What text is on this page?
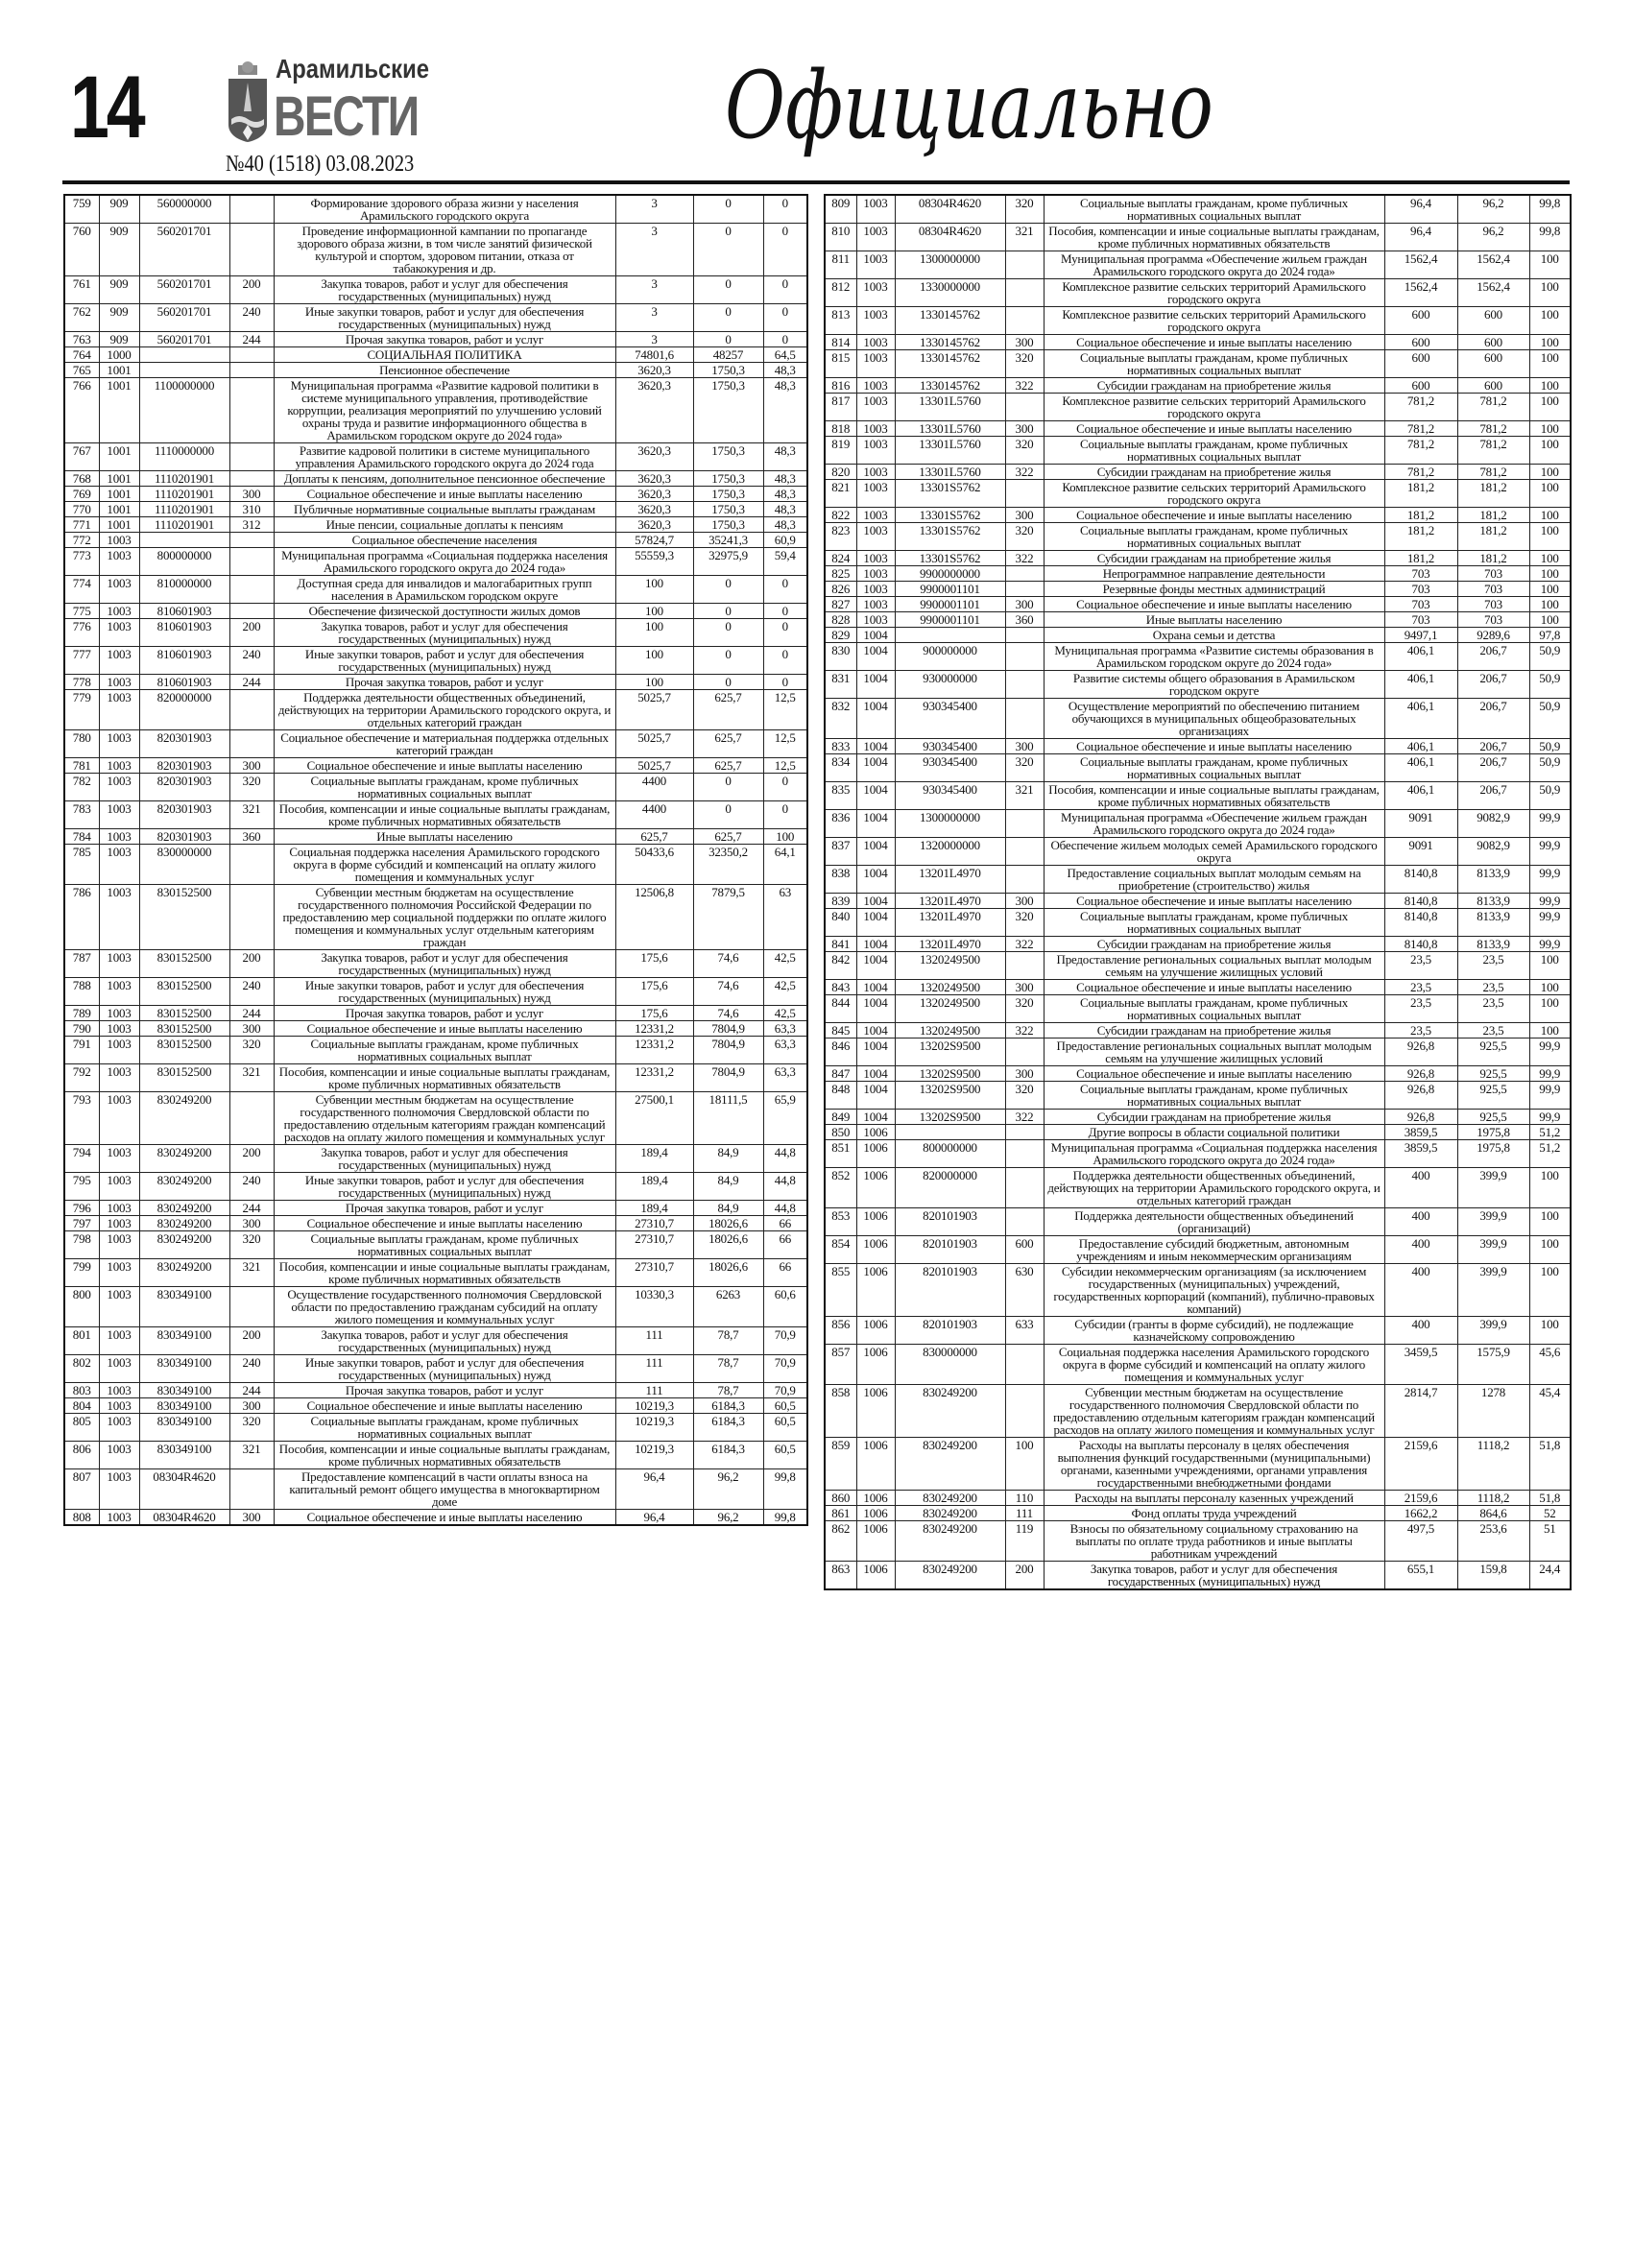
14	Арамильские
ВЕСТИ
№40 (1518) 03.08.2023
Официально
759	909	560000000		Формирование здорового образа жизни у населения Арамильского городского округа	3	0	0
760	909	560201701		Проведение информационной кампании по пропаганде здорового образа жизни, в том числе занятий физической культурой и спортом, здоровом питании, отказа от табакокурения и др.	3	0	0
761	909	560201701	200	Закупка товаров, работ и услуг для обеспечения государственных (муниципальных) нужд	3	0	0
762	909	560201701	240	Иные закупки товаров, работ и услуг для обеспечения государственных (муниципальных) нужд	3	0	0
763	909	560201701	244	Прочая закупка товаров, работ и услуг	3	0	0
764	1000			СОЦИАЛЬНАЯ ПОЛИТИКА	74801,6	48257	64,5
765	1001			Пенсионное обеспечение	3620,3	1750,3	48,3
766	1001	1100000000		Муниципальная программа «Развитие кадровой политики в системе муниципального управления, противодействие коррупции, реализация мероприятий по улучшению условий охраны труда и развитие информационного общества в Арамильском городском округе до 2024 года»	3620,3	1750,3	48,3
767	1001	1110000000		Развитие кадровой политики в системе муниципального управления Арамильского городского округа до 2024 года	3620,3	1750,3	48,3
768	1001	1110201901		Доплаты к пенсиям, дополнительное пенсионное обеспечение	3620,3	1750,3	48,3
769	1001	1110201901	300	Социальное обеспечение и иные выплаты населению	3620,3	1750,3	48,3
770	1001	1110201901	310	Публичные нормативные социальные выплаты гражданам	3620,3	1750,3	48,3
771	1001	1110201901	312	Иные пенсии, социальные доплаты к пенсиям	3620,3	1750,3	48,3
772	1003			Социальное обеспечение населения	57824,7	35241,3	60,9
773	1003	800000000		Муниципальная программа «Социальная поддержка населения Арамильского городского округа до 2024 года»	55559,3	32975,9	59,4
774	1003	810000000		Доступная среда для инвалидов и малогабаритных групп населения в Арамильском городском округе	100	0	0
775	1003	810601903		Обеспечение физической доступности жилых домов	100	0	0
776	1003	810601903	200	Закупка товаров, работ и услуг для обеспечения государственных (муниципальных) нужд	100	0	0
777	1003	810601903	240	Иные закупки товаров, работ и услуг для обеспечения государственных (муниципальных) нужд	100	0	0
778	1003	810601903	244	Прочая закупка товаров, работ и услуг	100	0	0
779	1003	820000000		Поддержка деятельности общественных объединений, действующих на территории Арамильского городского округа, и отдельных категорий граждан	5025,7	625,7	12,5
780	1003	820301903		Социальное обеспечение и материальная поддержка отдельных категорий граждан	5025,7	625,7	12,5
781	1003	820301903	300	Социальное обеспечение и иные выплаты населению	5025,7	625,7	12,5
782	1003	820301903	320	Социальные выплаты гражданам, кроме публичных нормативных социальных выплат	4400	0	0
783	1003	820301903	321	Пособия, компенсации и иные социальные выплаты гражданам, кроме публичных нормативных обязательств	4400	0	0
784	1003	820301903	360	Иные выплаты населению	625,7	625,7	100
785	1003	830000000		Социальная поддержка населения Арамильского городского округа в форме субсидий и компенсаций на оплату жилого помещения и коммунальных услуг	50433,6	32350,2	64,1
786	1003	830152500		Субвенции местным бюджетам на осуществление государственного полномочия Российской Федерации по предоставлению мер социальной поддержки по оплате жилого помещения и коммунальных услуг отдельным категориям граждан	12506,8	7879,5	63
787	1003	830152500	200	Закупка товаров, работ и услуг для обеспечения государственных (муниципальных) нужд	175,6	74,6	42,5
788	1003	830152500	240	Иные закупки товаров, работ и услуг для обеспечения государственных (муниципальных) нужд	175,6	74,6	42,5
789	1003	830152500	244	Прочая закупка товаров, работ и услуг	175,6	74,6	42,5
790	1003	830152500	300	Социальное обеспечение и иные выплаты населению	12331,2	7804,9	63,3
791	1003	830152500	320	Социальные выплаты гражданам, кроме публичных нормативных социальных выплат	12331,2	7804,9	63,3
792	1003	830152500	321	Пособия, компенсации и иные социальные выплаты гражданам, кроме публичных нормативных обязательств	12331,2	7804,9	63,3
793	1003	830249200		Субвенции местным бюджетам на осуществление государственного полномочия Свердловской области по предоставлению отдельным категориям граждан компенсаций расходов на оплату жилого помещения и коммунальных услуг	27500,1	18111,5	65,9
794	1003	830249200	200	Закупка товаров, работ и услуг для обеспечения государственных (муниципальных) нужд	189,4	84,9	44,8
795	1003	830249200	240	Иные закупки товаров, работ и услуг для обеспечения государственных (муниципальных) нужд	189,4	84,9	44,8
796	1003	830249200	244	Прочая закупка товаров, работ и услуг	189,4	84,9	44,8
797	1003	830249200	300	Социальное обеспечение и иные выплаты населению	27310,7	18026,6	66
798	1003	830249200	320	Социальные выплаты гражданам, кроме публичных нормативных социальных выплат	27310,7	18026,6	66
799	1003	830249200	321	Пособия, компенсации и иные социальные выплаты гражданам, кроме публичных нормативных обязательств	27310,7	18026,6	66
800	1003	830349100		Осуществление государственного полномочия Свердловской области по предоставлению гражданам субсидий на оплату жилого помещения и коммунальных услуг	10330,3	6263	60,6
801	1003	830349100	200	Закупка товаров, работ и услуг для обеспечения государственных (муниципальных) нужд	111	78,7	70,9
802	1003	830349100	240	Иные закупки товаров, работ и услуг для обеспечения государственных (муниципальных) нужд	111	78,7	70,9
803	1003	830349100	244	Прочая закупка товаров, работ и услуг	111	78,7	70,9
804	1003	830349100	300	Социальное обеспечение и иные выплаты населению	10219,3	6184,3	60,5
805	1003	830349100	320	Социальные выплаты гражданам, кроме публичных нормативных социальных выплат	10219,3	6184,3	60,5
806	1003	830349100	321	Пособия, компенсации и иные социальные выплаты гражданам, кроме публичных нормативных обязательств	10219,3	6184,3	60,5
807	1003	08304R4620		Предоставление компенсаций в части оплаты взноса на капитальный ремонт общего имущества в многоквартирном доме	96,4	96,2	99,8
808	1003	08304R4620	300	Социальное обеспечение и иные выплаты населению	96,4	96,2	99,8
809	1003	08304R4620	320	Социальные выплаты гражданам, кроме публичных нормативных социальных выплат	96,4	96,2	99,8
810	1003	08304R4620	321	Пособия, компенсации и иные социальные выплаты гражданам, кроме публичных нормативных обязательств	96,4	96,2	99,8
811	1003	1300000000		Муниципальная программа «Обеспечение жильем граждан Арамильского городского округа до 2024 года»	1562,4	1562,4	100
812	1003	1330000000		Комплексное развитие сельских территорий Арамильского городского округа	1562,4	1562,4	100
813	1003	1330145762		Комплексное развитие сельских территорий Арамильского городского округа	600	600	100
814	1003	1330145762	300	Социальное обеспечение и иные выплаты населению	600	600	100
815	1003	1330145762	320	Социальные выплаты гражданам, кроме публичных нормативных социальных выплат	600	600	100
816	1003	1330145762	322	Субсидии гражданам на приобретение жилья	600	600	100
817	1003	13301L5760		Комплексное развитие сельских территорий Арамильского городского округа	781,2	781,2	100
818	1003	13301L5760	300	Социальное обеспечение и иные выплаты населению	781,2	781,2	100
819	1003	13301L5760	320	Социальные выплаты гражданам, кроме публичных нормативных социальных выплат	781,2	781,2	100
820	1003	13301L5760	322	Субсидии гражданам на приобретение жилья	781,2	781,2	100
821	1003	13301S5762		Комплексное развитие сельских территорий Арамильского городского округа	181,2	181,2	100
822	1003	13301S5762	300	Социальное обеспечение и иные выплаты населению	181,2	181,2	100
823	1003	13301S5762	320	Социальные выплаты гражданам, кроме публичных нормативных социальных выплат	181,2	181,2	100
824	1003	13301S5762	322	Субсидии гражданам на приобретение жилья	181,2	181,2	100
825	1003	9900000000		Непрограммное направление деятельности	703	703	100
826	1003	9900001101		Резервные фонды местных администраций	703	703	100
827	1003	9900001101	300	Социальное обеспечение и иные выплаты населению	703	703	100
828	1003	9900001101	360	Иные выплаты населению	703	703	100
829	1004			Охрана семьи и детства	9497,1	9289,6	97,8
830	1004	900000000		Муниципальная программа «Развитие системы образования в Арамильском городском округе до 2024 года»	406,1	206,7	50,9
831	1004	930000000		Развитие системы общего образования в Арамильском городском округе	406,1	206,7	50,9
832	1004	930345400		Осуществление мероприятий по обеспечению питанием обучающихся в муниципальных общеобразовательных организациях	406,1	206,7	50,9
833	1004	930345400	300	Социальное обеспечение и иные выплаты населению	406,1	206,7	50,9
834	1004	930345400	320	Социальные выплаты гражданам, кроме публичных нормативных социальных выплат	406,1	206,7	50,9
835	1004	930345400	321	Пособия, компенсации и иные социальные выплаты гражданам, кроме публичных нормативных обязательств	406,1	206,7	50,9
836	1004	1300000000		Муниципальная программа «Обеспечение жильем граждан Арамильского городского округа до 2024 года»	9091	9082,9	99,9
837	1004	1320000000		Обеспечение жильем молодых семей Арамильского городского округа	9091	9082,9	99,9
838	1004	13201L4970		Предоставление социальных выплат молодым семьям на приобретение (строительство) жилья	8140,8	8133,9	99,9
839	1004	13201L4970	300	Социальное обеспечение и иные выплаты населению	8140,8	8133,9	99,9
840	1004	13201L4970	320	Социальные выплаты гражданам, кроме публичных нормативных социальных выплат	8140,8	8133,9	99,9
841	1004	13201L4970	322	Субсидии гражданам на приобретение жилья	8140,8	8133,9	99,9
842	1004	1320249500		Предоставление региональных социальных выплат молодым семьям на улучшение жилищных условий	23,5	23,5	100
843	1004	1320249500	300	Социальное обеспечение и иные выплаты населению	23,5	23,5	100
844	1004	1320249500	320	Социальные выплаты гражданам, кроме публичных нормативных социальных выплат	23,5	23,5	100
845	1004	1320249500	322	Субсидии гражданам на приобретение жилья	23,5	23,5	100
846	1004	13202S9500		Предоставление региональных социальных выплат молодым семьям на улучшение жилищных условий	926,8	925,5	99,9
847	1004	13202S9500	300	Социальное обеспечение и иные выплаты населению	926,8	925,5	99,9
848	1004	13202S9500	320	Социальные выплаты гражданам, кроме публичных нормативных социальных выплат	926,8	925,5	99,9
849	1004	13202S9500	322	Субсидии гражданам на приобретение жилья	926,8	925,5	99,9
850	1006			Другие вопросы в области социальной политики	3859,5	1975,8	51,2
851	1006	800000000		Муниципальная программа «Социальная поддержка населения Арамильского городского округа до 2024 года»	3859,5	1975,8	51,2
852	1006	820000000		Поддержка деятельности общественных объединений, действующих на территории Арамильского городского округа, и отдельных категорий граждан	400	399,9	100
853	1006	820101903		Поддержка деятельности общественных объединений (организаций)	400	399,9	100
854	1006	820101903	600	Предоставление субсидий бюджетным, автономным учреждениям и иным некоммерческим организациям	400	399,9	100
855	1006	820101903	630	Субсидии некоммерческим организациям (за исключением государственных (муниципальных) учреждений, государственных корпораций (компаний), публично-правовых компаний)	400	399,9	100
856	1006	820101903	633	Субсидии (гранты в форме субсидий), не подлежащие казначейскому сопровождению	400	399,9	100
857	1006	830000000		Социальная поддержка населения Арамильского городского округа в форме субсидий и компенсаций на оплату жилого помещения и коммунальных услуг	3459,5	1575,9	45,6
858	1006	830249200		Субвенции местным бюджетам на осуществление государственного полномочия Свердловской области по предоставлению отдельным категориям граждан компенсаций расходов на оплату жилого помещения и коммунальных услуг	2814,7	1278	45,4
859	1006	830249200	100	Расходы на выплаты персоналу в целях обеспечения выполнения функций государственными (муниципальными) органами, казенными учреждениями, органами управления государственными внебюджетными фондами	2159,6	1118,2	51,8
860	1006	830249200	110	Расходы на выплаты персоналу казенных учреждений	2159,6	1118,2	51,8
861	1006	830249200	111	Фонд оплаты труда учреждений	1662,2	864,6	52
862	1006	830249200	119	Взносы по обязательному социальному страхованию на выплаты по оплате труда работников и иные выплаты работникам учреждений	497,5	253,6	51
863	1006	830249200	200	Закупка товаров, работ и услуг для обеспечения государственных (муниципальных) нужд	655,1	159,8	24,4
